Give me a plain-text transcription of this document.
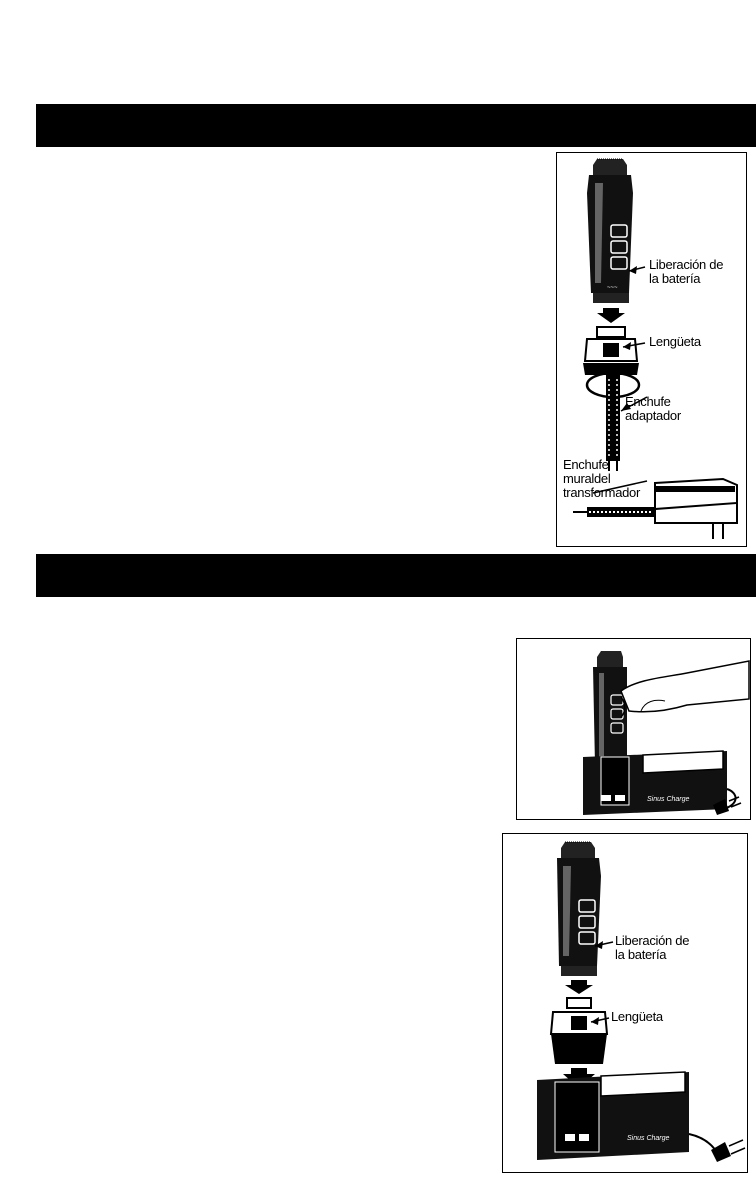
~~~
Liberación de
la batería
Lengüeta
Enchufe
adaptador
Enchufe
muraldel
transformador
Sinus Charge
Sinus Charge
Liberación de
la batería
Lengüeta
